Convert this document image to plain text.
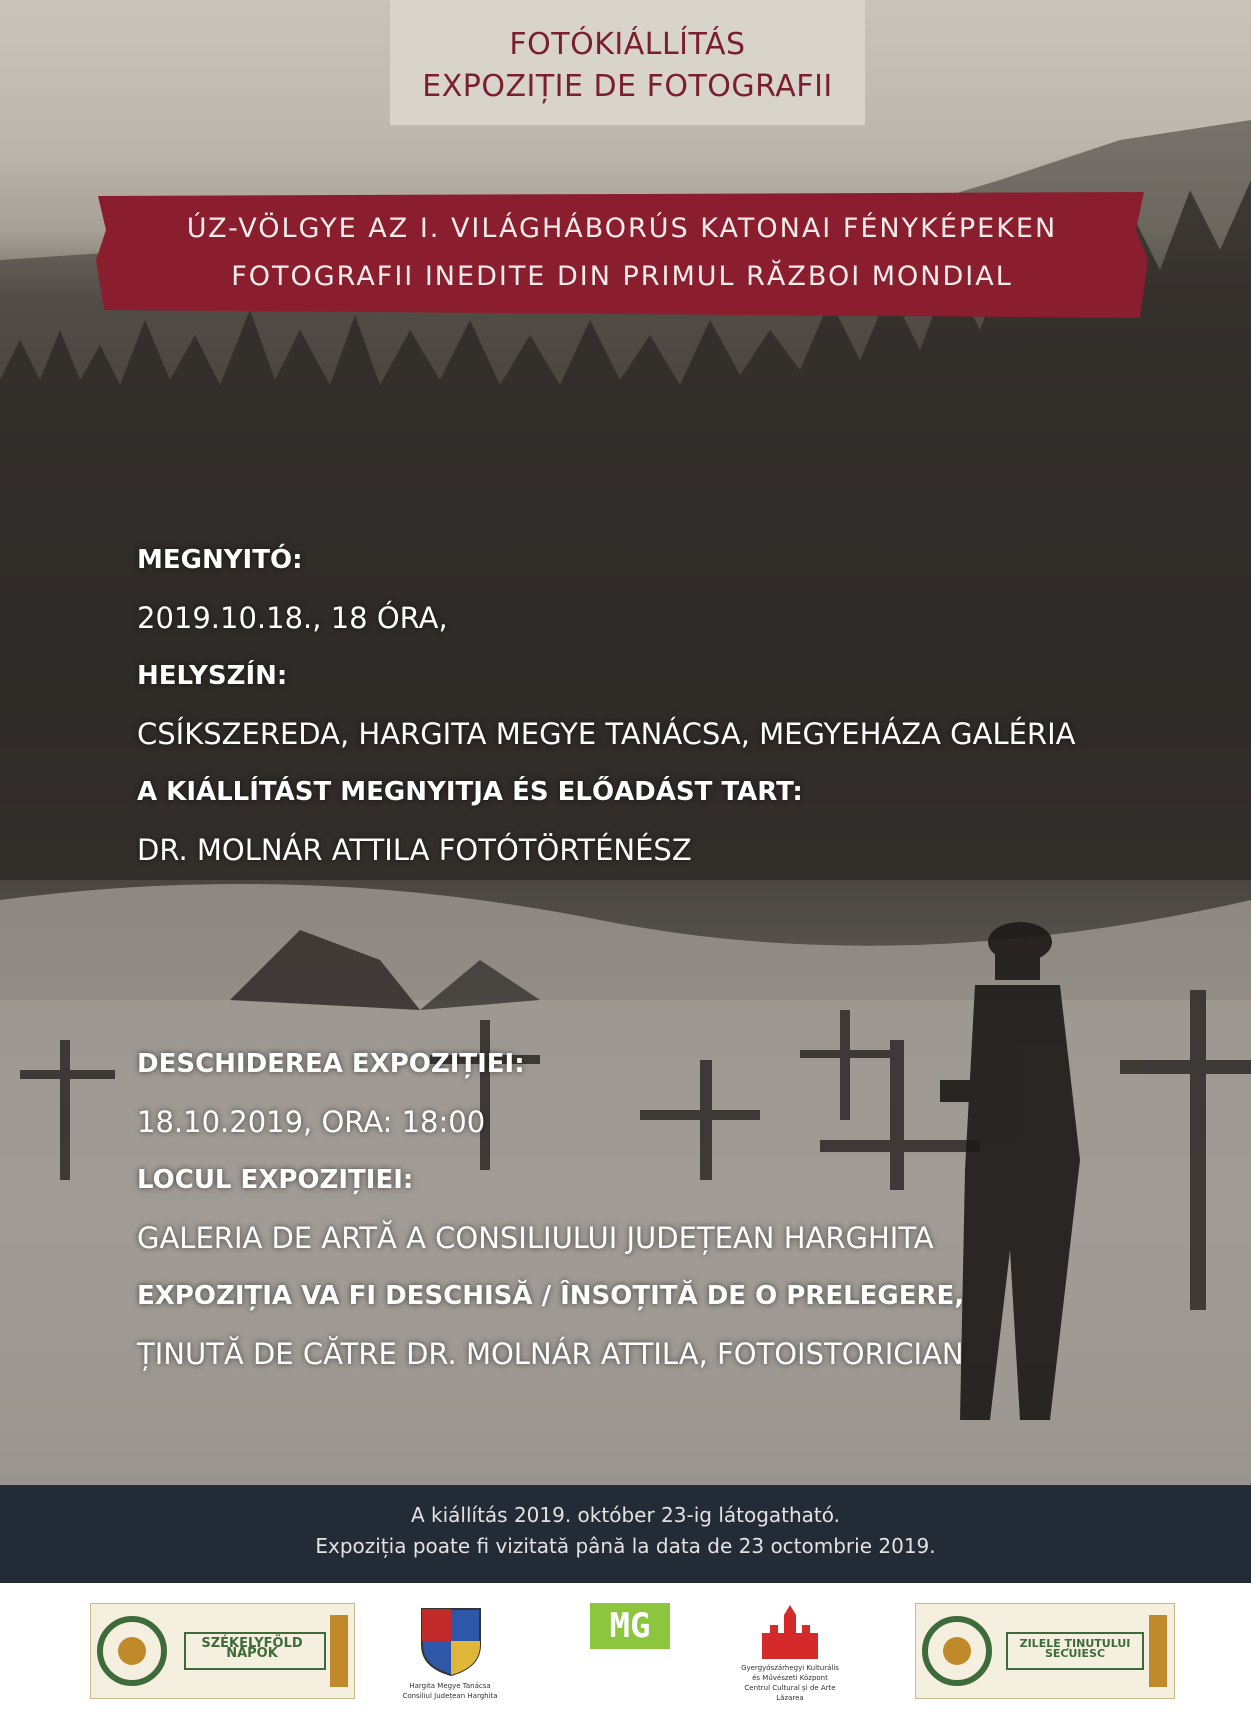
FOTÓKIÁLLÍTÁS
EXPOZIȚIE DE FOTOGRAFII
ÚZ-VÖLGYE AZ I. VILÁGHÁBORÚS KATONAI FÉNYKÉPEKEN
FOTOGRAFII INEDITE DIN PRIMUL RĂZBOI MONDIAL
MEGNYITÓ:
2019.10.18., 18 ÓRA,
HELYSZÍN:
CSÍKSZEREDA, HARGITA MEGYE TANÁCSA, MEGYEHÁZA GALÉRIA
A KIÁLLÍTÁST MEGNYITJA ÉS ELŐADÁST TART:
DR. MOLNÁR ATTILA FOTÓTÖRTÉNÉSZ
DESCHIDEREA EXPOZIȚIEI:
18.10.2019, ORA: 18:00
LOCUL EXPOZIȚIEI:
GALERIA DE ARTĂ A CONSILIULUI JUDEȚEAN HARGHITA
EXPOZIȚIA VA FI DESCHISĂ / ÎNSOȚITĂ DE O PRELEGERE,
ȚINUTĂ DE CĂTRE DR. MOLNÁR ATTILA, FOTOISTORICIAN
A kiállítás 2019. október 23-ig látogatható.
Expoziția poate fi vizitată până la data de 23 octombrie 2019.
SZÉKELYFÖLD NAPOK
Hargita Megye Tanácsa
Consiliul Județean Harghita
MG
Gyergyószárhegyi Kulturális és Művészeti Központ
Centrul Cultural și de Arte Lăzarea
ZILELE ȚINUTULUI SECUIESC
